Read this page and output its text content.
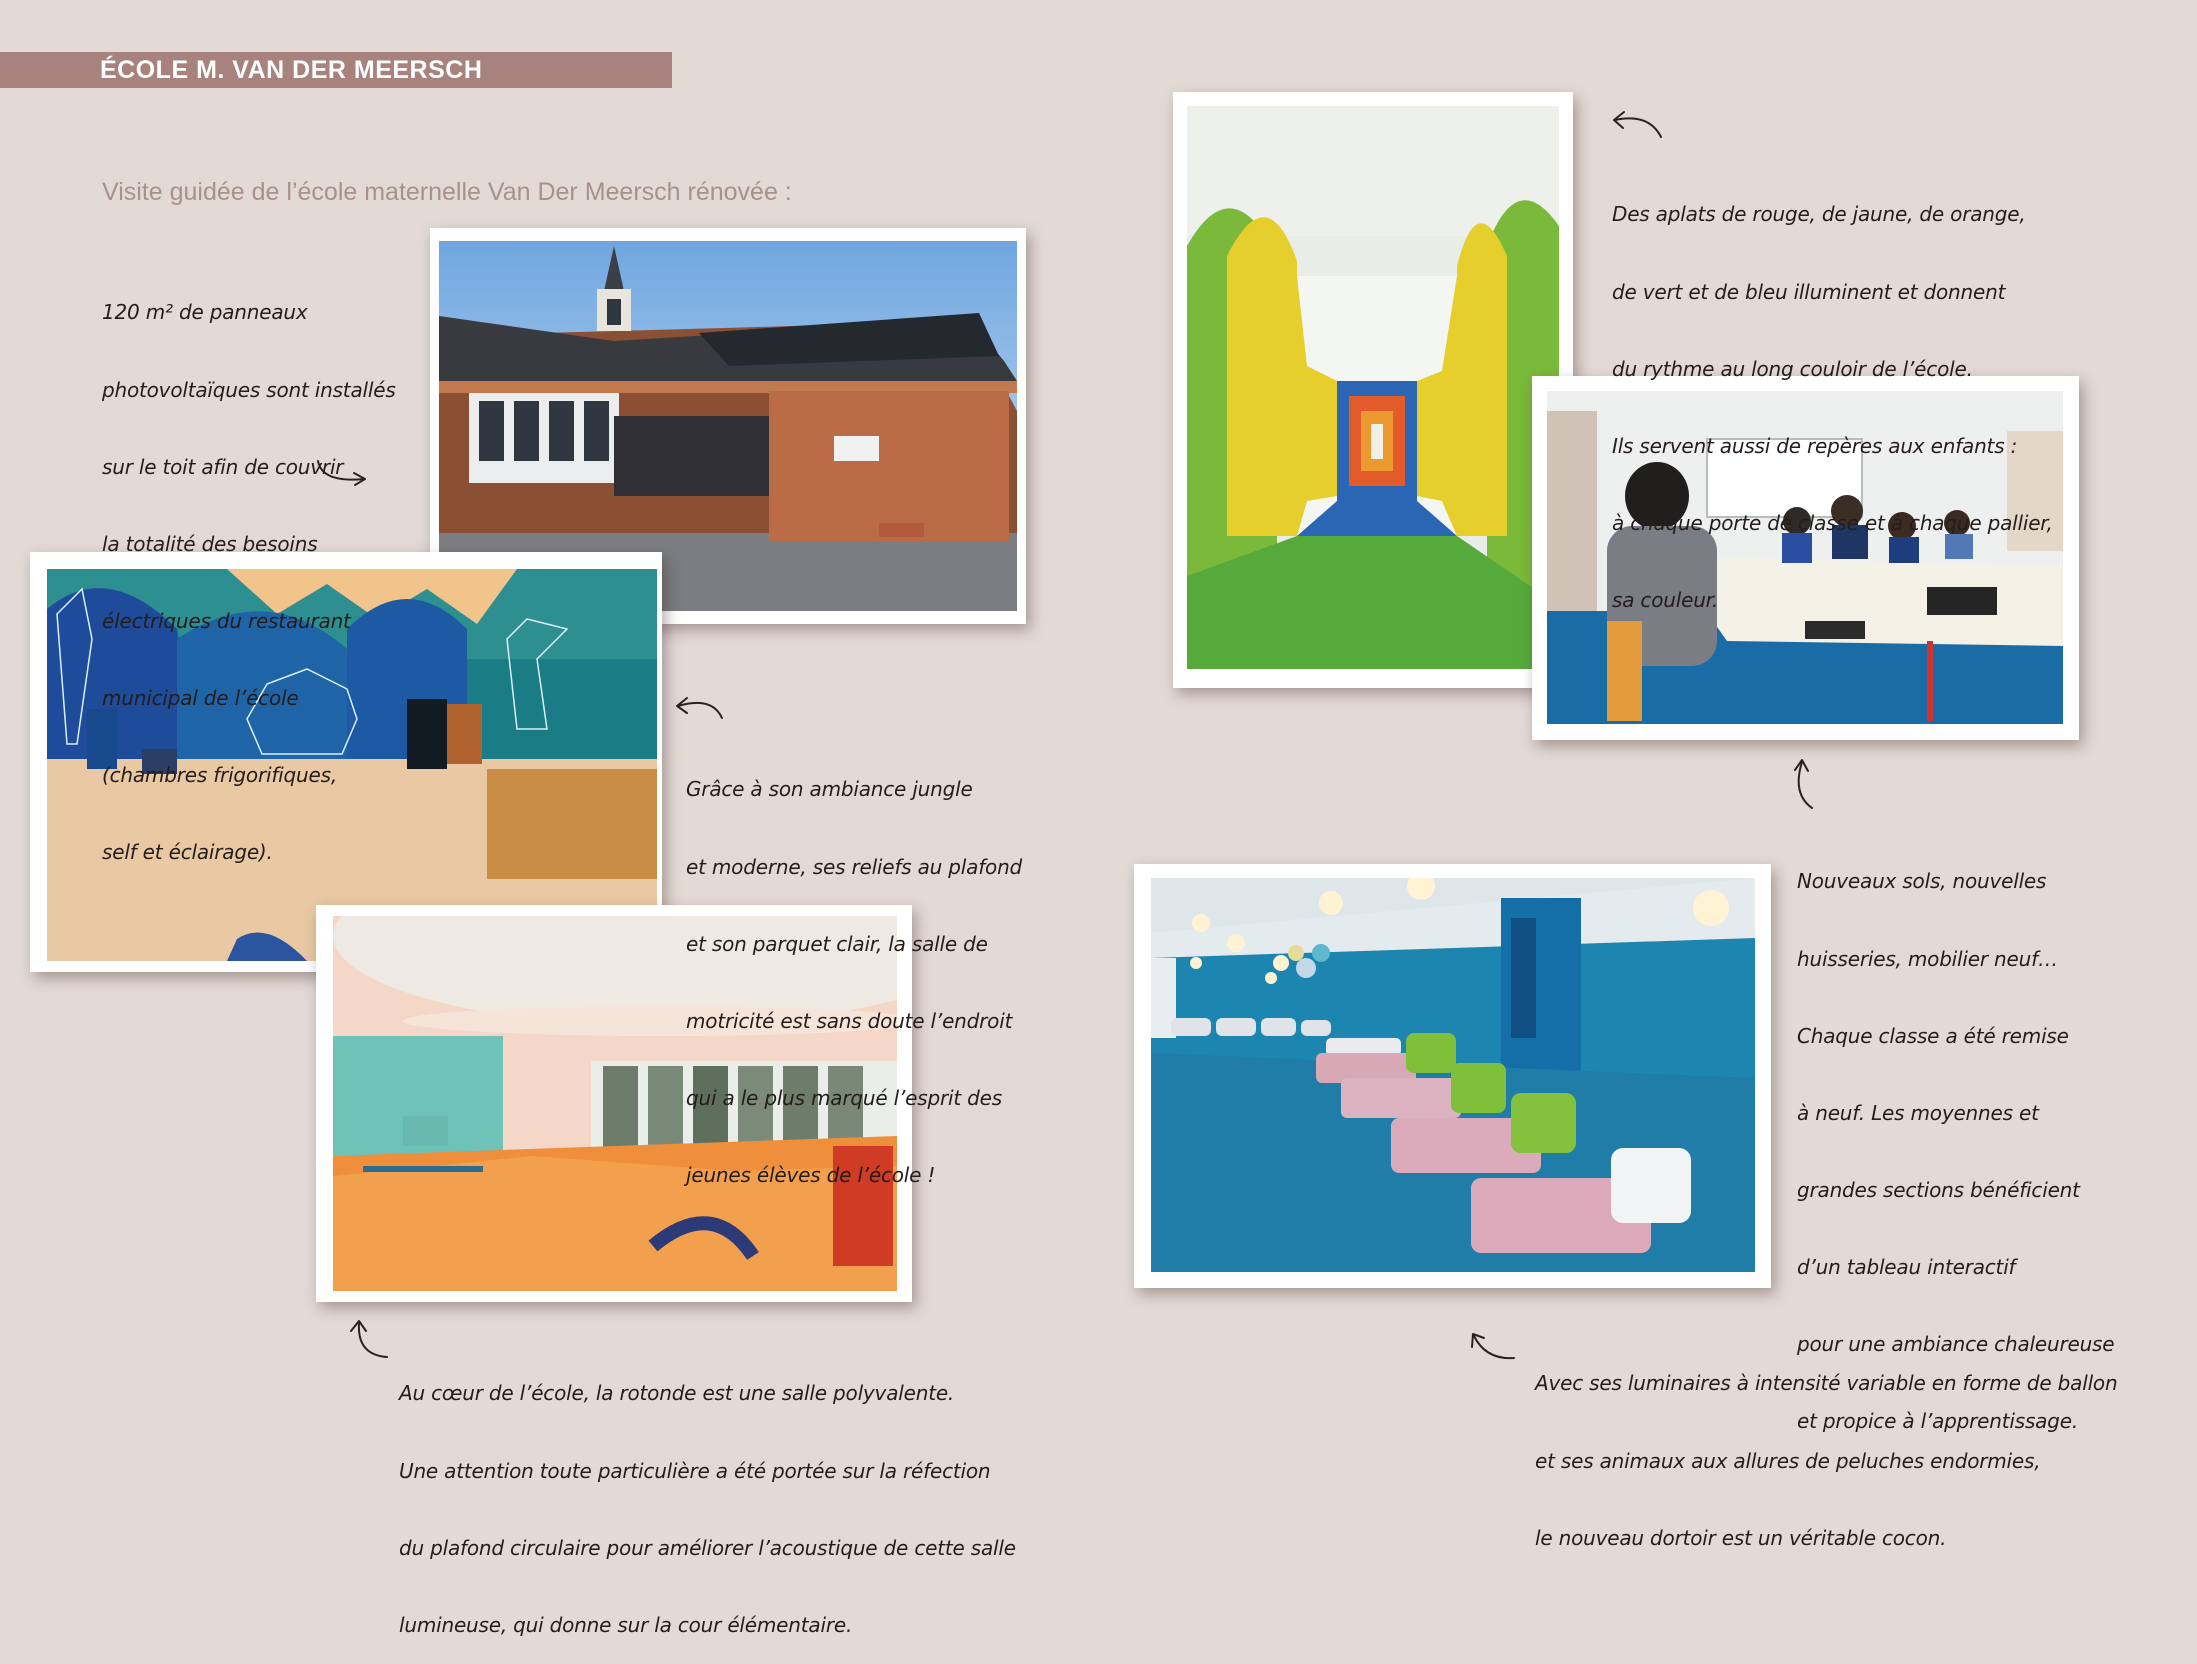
ÉCOLE M. VAN DER MEERSCH
Visite guidée de l’école maternelle Van Der Meersch rénovée :

120 m² de panneaux

photovoltaïques sont installés

sur le toit afin de couvrir

la totalité des besoins

électriques du restaurant

municipal de l’école

(chambres frigorifiques,

self et éclairage).

Grâce à son ambiance jungle

et moderne, ses reliefs au plafond

et son parquet clair, la salle de

motricité est sans doute l’endroit

qui a le plus marqué l’esprit des

jeunes élèves de l’école !

Au cœur de l’école, la rotonde est une salle polyvalente.

Une attention toute particulière a été portée sur la réfection

du plafond circulaire pour améliorer l’acoustique de cette salle

lumineuse, qui donne sur la cour élémentaire.

Des aplats de rouge, de jaune, de orange,

de vert et de bleu illuminent et donnent

du rythme au long couloir de l’école.

Ils servent aussi de repères aux enfants :

à chaque porte de classe et à chaque pallier,

sa couleur.

Nouveaux sols, nouvelles

huisseries, mobilier neuf…

Chaque classe a été remise

à neuf. Les moyennes et

grandes sections bénéficient

d’un tableau interactif

pour une ambiance chaleureuse

et propice à l’apprentissage.

Avec ses luminaires à intensité variable en forme de ballon

et ses animaux aux allures de peluches endormies,

le nouveau dortoir est un véritable cocon.
